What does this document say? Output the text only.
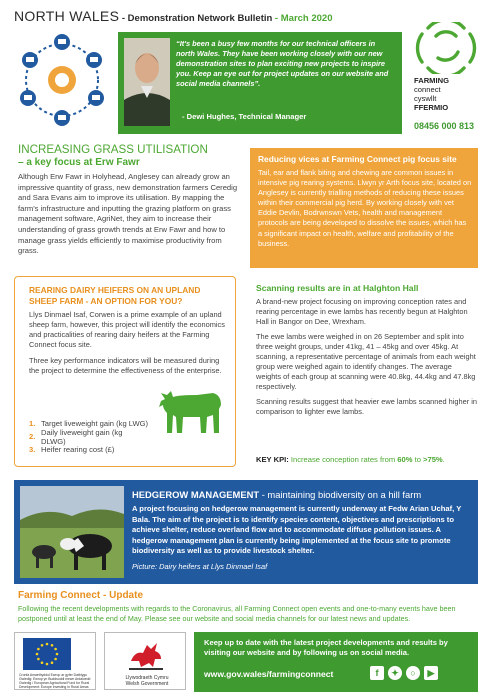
NORTH WALES - Demonstration Network Bulletin - March 2020
“It's been a busy few months for our technical officers in north Wales. They have been working closely with our new demonstration sites to plan exciting new projects to inspire you. Keep an eye out for project updates on our website and social media channels”.
- Dewi Hughes, Technical Manager
FARMING
connect
cyswllt
FFERMIO
08456 000 813
INCREASING GRASS UTILISATION
– a key focus at Erw Fawr
Although Erw Fawr in Holyhead, Anglesey can already grow an impressive quantity of grass, new demonstration farmers Ceredig and Sara Evans aim to improve its utilisation. By mapping the farm's infrastructure and inputting the grazing platform on grass management software, AgriNet, they aim to increase their understanding of grass growth trends at Erw Fawr and how to manage grass yields efficiently to maximise productivity from grass.
REARING DAIRY HEIFERS ON AN UPLAND SHEEP FARM - AN OPTION FOR YOU?

Llys Dinmael Isaf, Corwen is a prime example of an upland sheep farm, however, this project will identify the economics and practicalities of rearing dairy heifers at the Farming Connect focus site.

Three key performance indicators will be measured during the project to determine the effectiveness of the enterprise.

1. Target liveweight gain (kg LWG)
2. Daily liveweight gain (kg DLWG)
3. Heifer rearing cost (£)
Reducing vices at Farming Connect pig focus site
Tail, ear and flank biting and chewing are common issues in intensive pig rearing systems. Llwyn yr Arth focus site, located on Anglesey is currently trialling methods of reducing these issues within their commercial pig herd. By working closely with vet Eddie Devlin, Bodrwnswn Vets, health and management protocols are being developed to dissolve the issues, which has a significant impact on health, welfare and profitability of the business.
Scanning results are in at Halghton Hall

A brand-new project focusing on improving conception rates and rearing percentage in ewe lambs has recently begun at Halghton Hall in Bangor on Dee, Wrexham.

The ewe lambs were weighed in on 26 September and split into three weight groups, under 41kg, 41 – 45kg and over 45kg. At scanning, a representative percentage of animals from each weight group were weighed again to identify changes. The average weights of each group at scanning were 40.8kg, 44.4kg and 47.8kg respectively.

Scanning results suggest that heavier ewe lambs scanned higher in comparison to lighter ewe lambs.

KEY KPI: Increase conception rates from 60% to >75%.
HEDGEROW MANAGEMENT - maintaining biodiversity on a hill farm
A project focusing on hedgerow management is currently underway at Fedw Arian Uchaf, Y Bala. The aim of the project is to identify species content, objectives and prescriptions to achieve shelter, reduce overland flow and to accommodate diffuse pollution issues. A hedgerow management plan is currently being implemented at the focus site to promote biodiversity as well as to provide livestock shelter.
Picture: Dairy heifers at Llys Dinmael Isaf
Farming Connect - Update
Following the recent developments with regards to the Coronavirus, all Farming Connect open events and one-to-many events have been postponed until at least the end of May. Please see our website and social media channels for our latest news and updates.
Cronfa Amaethyddol Ewrop ar gyfer Datblygu Gwledig: Ewrop yn Buddsoddi mewn Ardaloedd Gwledig / European Agricultural Fund for Rural Development: Europe Investing in Rural Areas
Llywodraeth Cymru
Welsh Government
Keep up to date with the latest project developments and results by visiting our website and by following us on social media.
www.gov.wales/farmingconnect	f	✦	○	▶
